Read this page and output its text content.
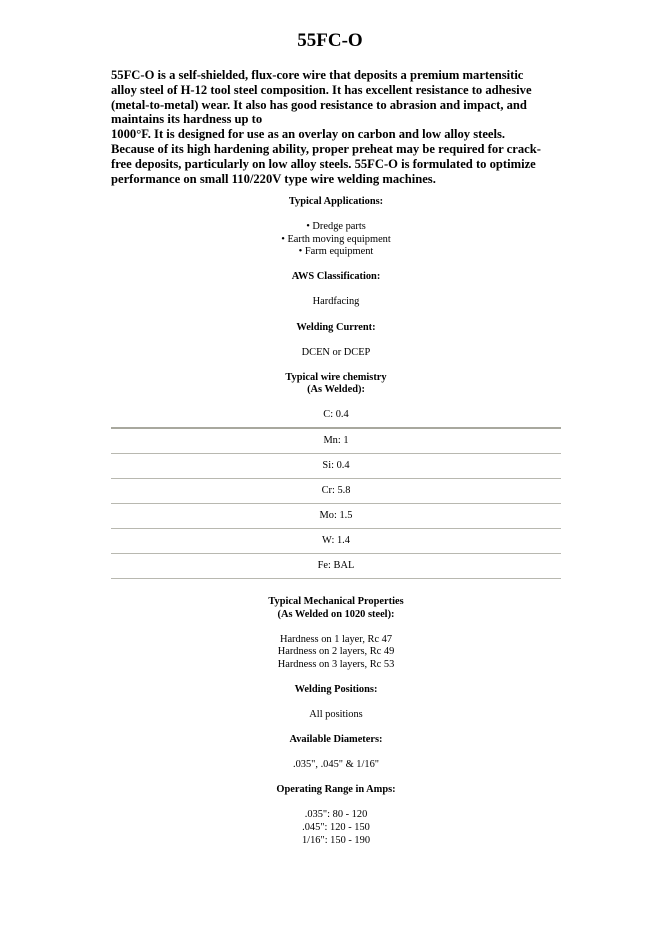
55FC-O

55FC-O is a self-shielded, flux-core wire that deposits a premium martensitic
alloy steel of H-12 tool steel composition. It has excellent resistance to adhesive
(metal-to-metal) wear. It also has good resistance to abrasion and impact, and
maintains its hardness up to
1000°F. It is designed for use as an overlay on carbon and low alloy steels.
Because of its high hardening ability, proper preheat may be required for crack-
free deposits, particularly on low alloy steels. 55FC-O is formulated to optimize
performance on small 110/220V type wire welding machines.

Typical Applications:

• Dredge parts
• Earth moving equipment
• Farm equipment

AWS Classification:

Hardfacing

Welding Current:

DCEN or DCEP

Typical wire chemistry
(As Welded):

C: 0.4
Mn: 1
Si: 0.4
Cr: 5.8
Mo: 1.5
W: 1.4
Fe: BAL

Typical Mechanical Properties
(As Welded on 1020 steel):

Hardness on 1 layer, Rc 47
Hardness on 2 layers, Rc 49
Hardness on 3 layers, Rc 53

Welding Positions:

All positions

Available Diameters:

.035", .045" & 1/16"

Operating Range in Amps:

.035": 80 - 120
.045": 120 - 150
1/16": 150 - 190
